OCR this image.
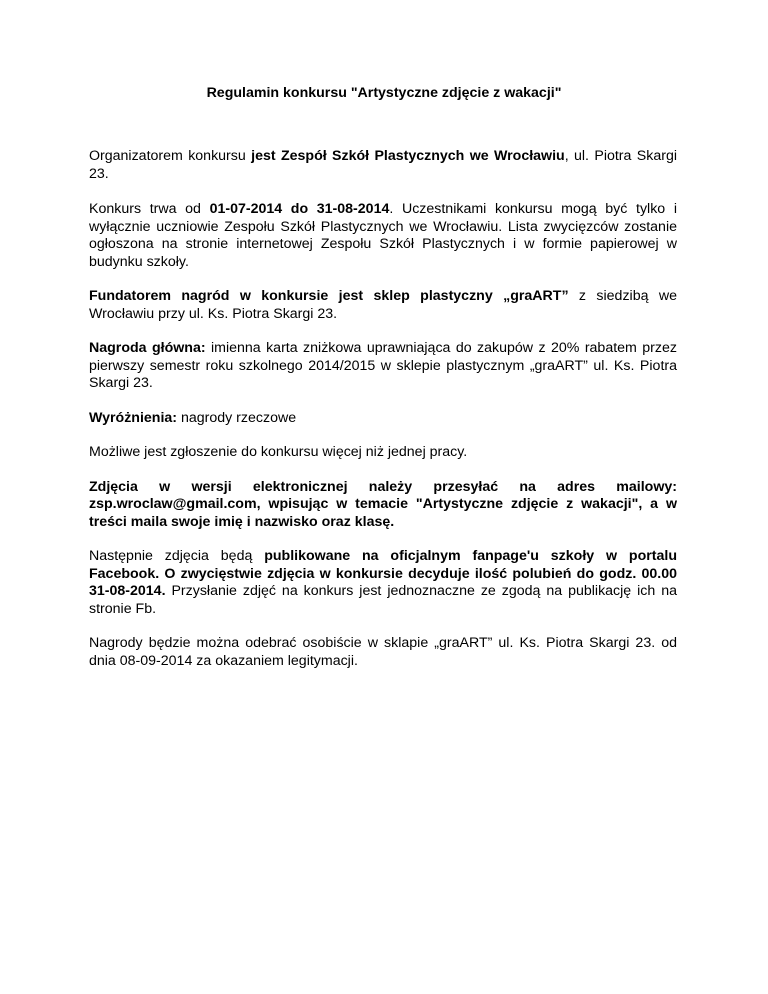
Regulamin konkursu "Artystyczne zdjęcie z wakacji"

Organizatorem konkursu jest Zespół Szkół Plastycznych we Wrocławiu, ul. Piotra Skargi 23.

Konkurs trwa od 01-07-2014 do 31-08-2014. Uczestnikami konkursu mogą być tylko i wyłącznie uczniowie Zespołu Szkół Plastycznych we Wrocławiu. Lista zwycięzców zostanie ogłoszona na stronie internetowej Zespołu Szkół Plastycznych i w formie papierowej w budynku szkoły.

Fundatorem nagród w konkursie jest sklep plastyczny „graART” z siedzibą we Wrocławiu przy ul. Ks. Piotra Skargi 23.

Nagroda główna: imienna karta zniżkowa uprawniająca do zakupów z 20% rabatem przez pierwszy semestr roku szkolnego 2014/2015 w sklepie plastycznym „graART” ul. Ks. Piotra Skargi 23.

Wyróżnienia: nagrody rzeczowe

Możliwe jest zgłoszenie do konkursu więcej niż jednej pracy.

Zdjęcia w wersji elektronicznej należy przesyłać na adres mailowy: zsp.wroclaw@gmail.com, wpisując w temacie "Artystyczne zdjęcie z wakacji", a w treści maila swoje imię i nazwisko oraz klasę.

Następnie zdjęcia będą publikowane na oficjalnym fanpage'u szkoły w portalu Facebook. O zwycięstwie zdjęcia w konkursie decyduje ilość polubień do godz. 00.00 31-08-2014. Przysłanie zdjęć na konkurs jest jednoznaczne ze zgodą na publikację ich na stronie Fb.

Nagrody będzie można odebrać osobiście w sklapie „graART” ul. Ks. Piotra Skargi 23. od dnia 08-09-2014 za okazaniem legitymacji.
